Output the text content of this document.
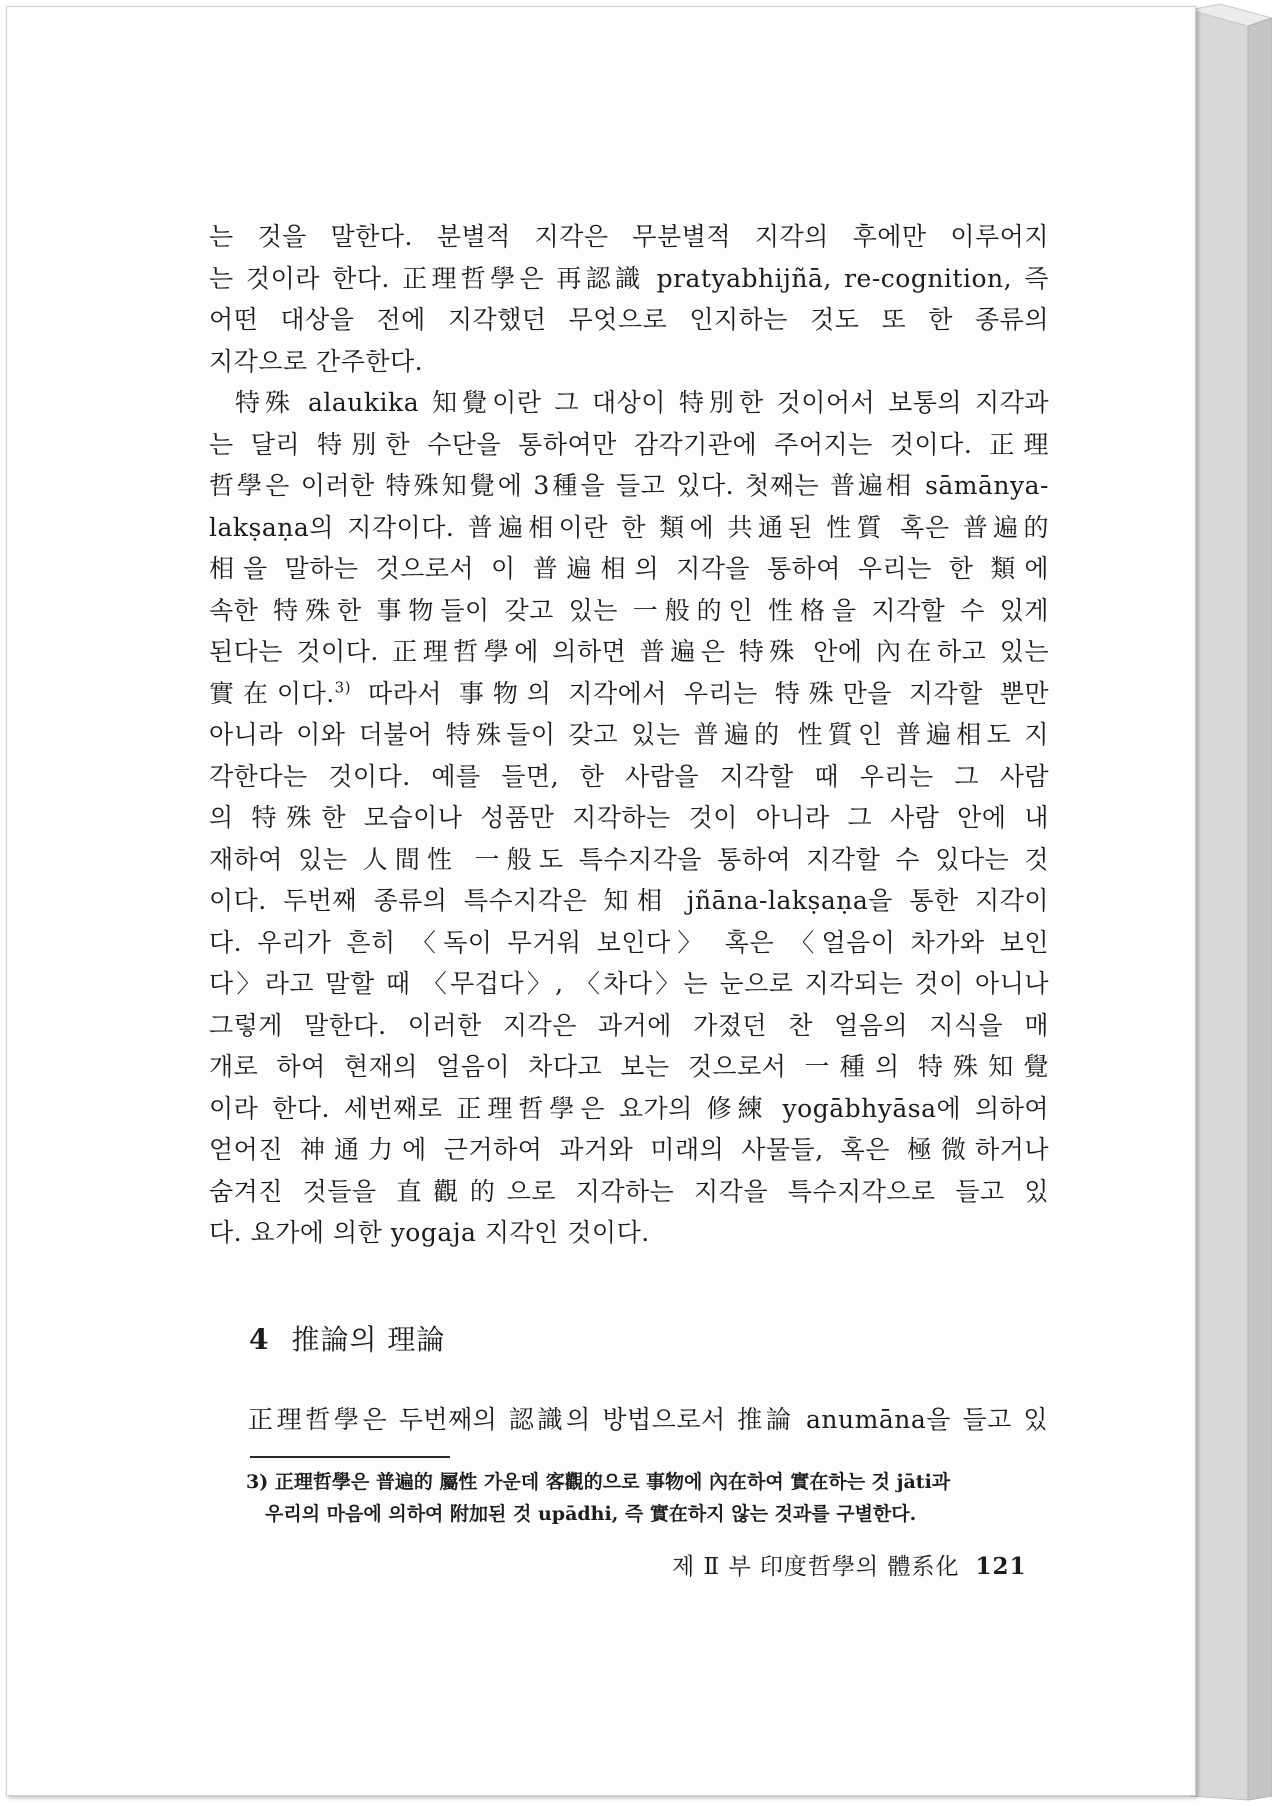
는 것을 말한다. 분별적 지각은 무분별적 지각의 후에만 이루어지
는 것이라 한다. 正理哲學은 再認識 pratyabhijñā, re-cognition, 즉
어떤 대상을 전에 지각했던 무엇으로 인지하는 것도 또 한 종류의
지각으로 간주한다.

特殊 alaukika 知覺이란 그 대상이 特別한 것이어서 보통의 지각과
는 달리 特別한 수단을 통하여만 감각기관에 주어지는 것이다. 正理
哲學은 이러한 特殊知覺에 3種을 들고 있다. 첫째는 普遍相 sāmānya-
lakṣaṇa의 지각이다. 普遍相이란 한 類에 共通된 性質 혹은 普遍的
相을 말하는 것으로서 이 普遍相의 지각을 통하여 우리는 한 類에
속한 特殊한 事物들이 갖고 있는 一般的인 性格을 지각할 수 있게
된다는 것이다. 正理哲學에 의하면 普遍은 特殊 안에 內在하고 있는
實在이다.$^{3)}$ 따라서 事物의 지각에서 우리는 特殊만을 지각할 뿐만
아니라 이와 더불어 特殊들이 갖고 있는 普遍的 性質인 普遍相도 지
각한다는 것이다. 예를 들면, 한 사람을 지각할 때 우리는 그 사람
의 特殊한 모습이나 성품만 지각하는 것이 아니라 그 사람 안에 내
재하여 있는 人間性 一般도 특수지각을 통하여 지각할 수 있다는 것
이다. 두번째 종류의 특수지각은 知相 jñāna-lakṣaṇa을 통한 지각이
다. 우리가 흔히 〈독이 무거워 보인다〉 혹은 〈얼음이 차가와 보인
다〉라고 말할 때 〈무겁다〉, 〈차다〉는 눈으로 지각되는 것이 아니나
그렇게 말한다. 이러한 지각은 과거에 가졌던 찬 얼음의 지식을 매
개로 하여 현재의 얼음이 차다고 보는 것으로서 一種의 特殊知覺
이라 한다. 세번째로 正理哲學은 요가의 修練 yogābhyāsa에 의하여
얻어진 神通力에 근거하여 과거와 미래의 사물들, 혹은 極微하거나
숨겨진 것들을 直觀的으로 지각하는 지각을 특수지각으로 들고 있
다. 요가에 의한 yogaja 지각인 것이다.

4 推論의 理論
正理哲學은 두번째의 認識의 방법으로서 推論 anumāna을 들고 있
3) 正理哲學은 普遍的 屬性 가운데 客觀的으로 事物에 內在하여 實在하는 것 jāti과
우리의 마음에 의하여 附加된 것 upādhi, 즉 實在하지 않는 것과를 구별한다.
제 Ⅱ 부 印度哲學의 體系化 121
